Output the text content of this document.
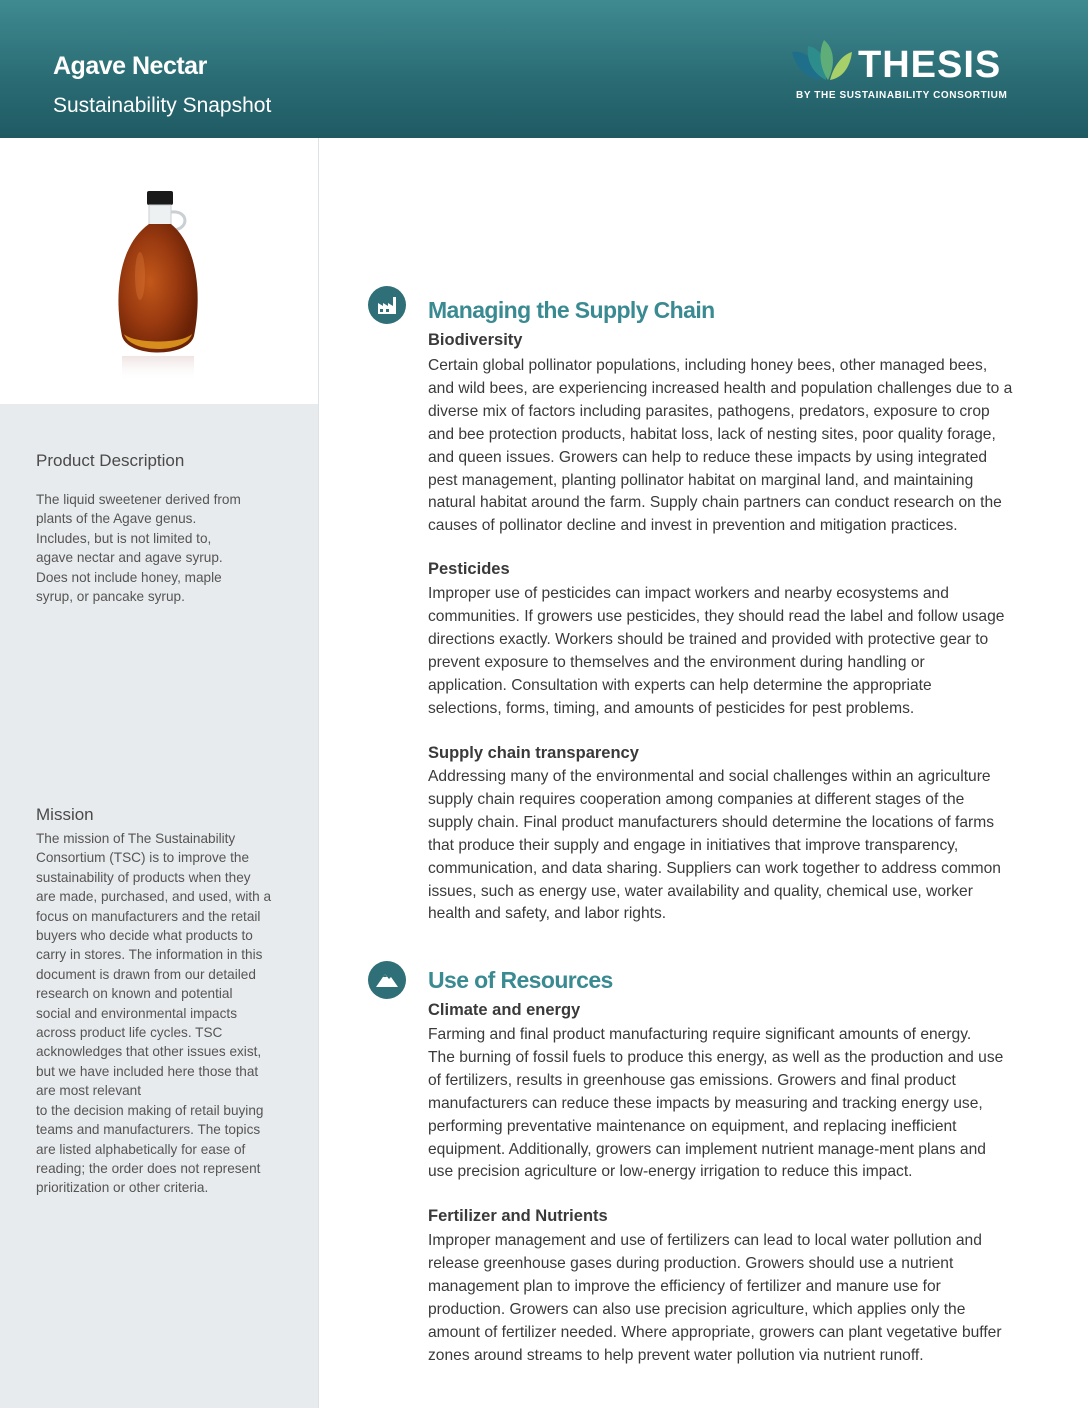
Agave Nectar
Sustainability Snapshot
THESIS
BY THE SUSTAINABILITY CONSORTIUM
Product Description

The liquid sweetener derived from
plants of the Agave genus.
Includes, but is not limited to,
agave nectar and agave syrup.
Does not include honey, maple
syrup, or pancake syrup.

Mission

The mission of The Sustainability
Consortium (TSC) is to improve the
sustainability of products when they
are made, purchased, and used, with a
focus on manufacturers and the retail
buyers who decide what products to
carry in stores. The information in this
document is drawn from our detailed
research on known and potential
social and environmental impacts
across product life cycles. TSC
acknowledges that other issues exist,
but we have included here those that
are most relevant
to the decision making of retail buying
teams and manufacturers. The topics
are listed alphabetically for ease of
reading; the order does not represent
prioritization or other criteria.

Managing the Supply Chain
Biodiversity

Certain global pollinator populations, including honey bees, other managed bees,
and wild bees, are experiencing increased health and population challenges due to a
diverse mix of factors including parasites, pathogens, predators, exposure to crop
and bee protection products, habitat loss, lack of nesting sites, poor quality forage,
and queen issues. Growers can help to reduce these impacts by using integrated
pest management, planting pollinator habitat on marginal land, and maintaining
natural habitat around the farm. Supply chain partners can conduct research on the
causes of pollinator decline and invest in prevention and mitigation practices.

Pesticides

Improper use of pesticides can impact workers and nearby ecosystems and
communities. If growers use pesticides, they should read the label and follow usage
directions exactly. Workers should be trained and provided with protective gear to
prevent exposure to themselves and the environment during handling or
application. Consultation with experts can help determine the appropriate
selections, forms, timing, and amounts of pesticides for pest problems.

Supply chain transparency

Addressing many of the environmental and social challenges within an agriculture
supply chain requires cooperation among companies at different stages of the
supply chain. Final product manufacturers should determine the locations of farms
that produce their supply and engage in initiatives that improve transparency,
communication, and data sharing. Suppliers can work together to address common
issues, such as energy use, water availability and quality, chemical use, worker
health and safety, and labor rights.

Use of Resources
Climate and energy

Farming and final product manufacturing require significant amounts of energy.
The burning of fossil fuels to produce this energy, as well as the production and use
of fertilizers, results in greenhouse gas emissions. Growers and final product
manufacturers can reduce these impacts by measuring and tracking energy use,
performing preventative maintenance on equipment, and replacing inefficient
equipment. Additionally, growers can implement nutrient manage-ment plans and
use precision agriculture or low-energy irrigation to reduce this impact.

Fertilizer and Nutrients

Improper management and use of fertilizers can lead to local water pollution and
release greenhouse gases during production. Growers should use a nutrient
management plan to improve the efficiency of fertilizer and manure use for
production. Growers can also use precision agriculture, which applies only the
amount of fertilizer needed. Where appropriate, growers can plant vegetative buffer
zones around streams to help prevent water pollution via nutrient runoff.
